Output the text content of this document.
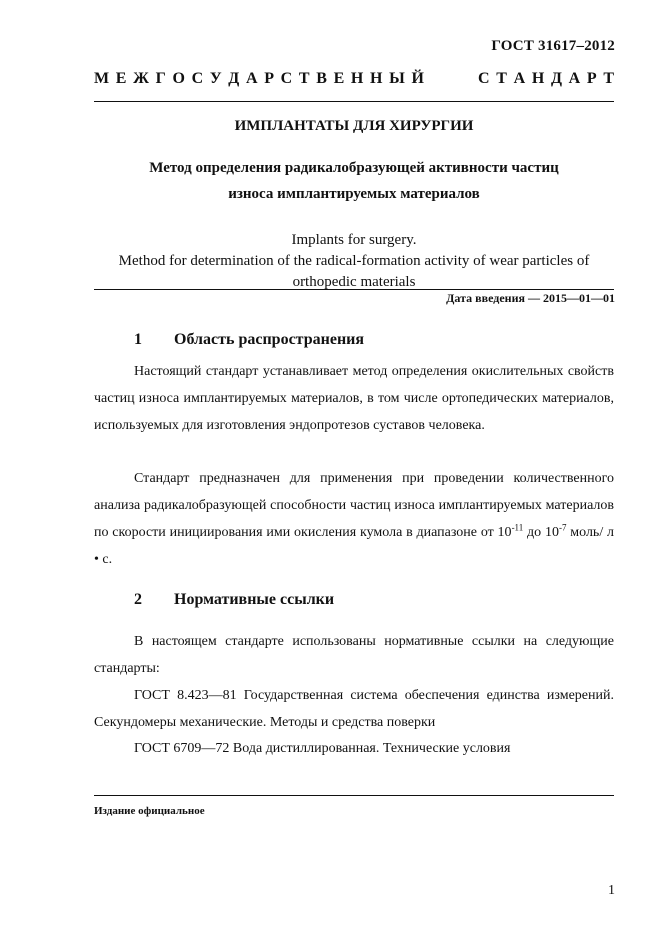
ГОСТ 31617–2012
М Е Ж Г О С У Д А Р С Т В Е Н Н Ы Й	С Т А Н Д А Р Т
ИМПЛАНТАТЫ ДЛЯ ХИРУРГИИ
Метод определения радикалобразующей активности частиц
износа имплантируемых материалов
Implants for surgery.
Method for determination of the radical-formation activity of wear particles of
orthopedic materials
Дата введения — 2015—01—01
1	Область распространения
Настоящий стандарт устанавливает метод определения окислительных свойств частиц износа имплантируемых материалов, в том числе ортопедических материалов, используемых для изготовления эндопротезов суставов человека.
Стандарт предназначен для применения при проведении количественного анализа радикалобразующей способности частиц износа имплантируемых материалов по скорости инициирования ими окисления кумола в диапазоне от $10^{-11}$ до $10^{-7}$ моль/ л • с.
2	Нормативные ссылки
В настоящем стандарте использованы нормативные ссылки на следующие стандарты:
ГОСТ 8.423—81 Государственная система обеспечения единства измерений. Секундомеры механические. Методы и средства поверки
ГОСТ 6709—72 Вода дистиллированная. Технические условия
Издание официальное
1
